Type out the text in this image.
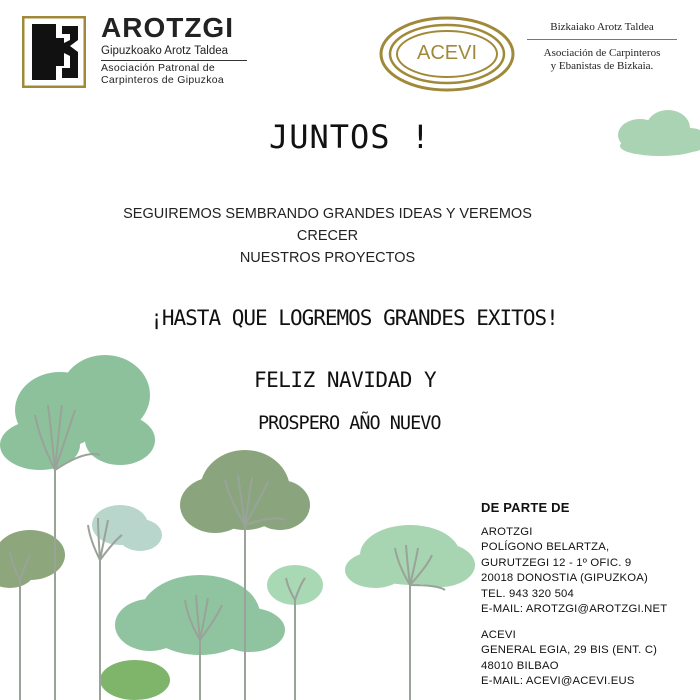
AROTZGI
Gipuzkoako Arotz Taldea
Asociación Patronal de
Carpinteros de Gipuzkoa
ACEVI
Bizkaiako Arotz Taldea
Asociación de Carpinteros
y Ebanistas de Bizkaia.
JUNTOS !
SEGUIREMOS SEMBRANDO GRANDES IDEAS Y VEREMOS
CRECER
NUESTROS PROYECTOS
¡HASTA QUE LOGREMOS GRANDES EXITOS!
FELIZ NAVIDAD Y
PROSPERO AÑO NUEVO
DE PARTE DE
AROTZGI
POLÍGONO BELARTZA,
GURUTZEGI 12 - 1º OFIC. 9
20018 DONOSTIA (GIPUZKOA)
TEL. 943 320 504
E-MAIL: AROTZGI@AROTZGI.NET
ACEVI
GENERAL EGIA, 29 BIS (ENT. C)
48010 BILBAO
E-MAIL: ACEVI@ACEVI.EUS
